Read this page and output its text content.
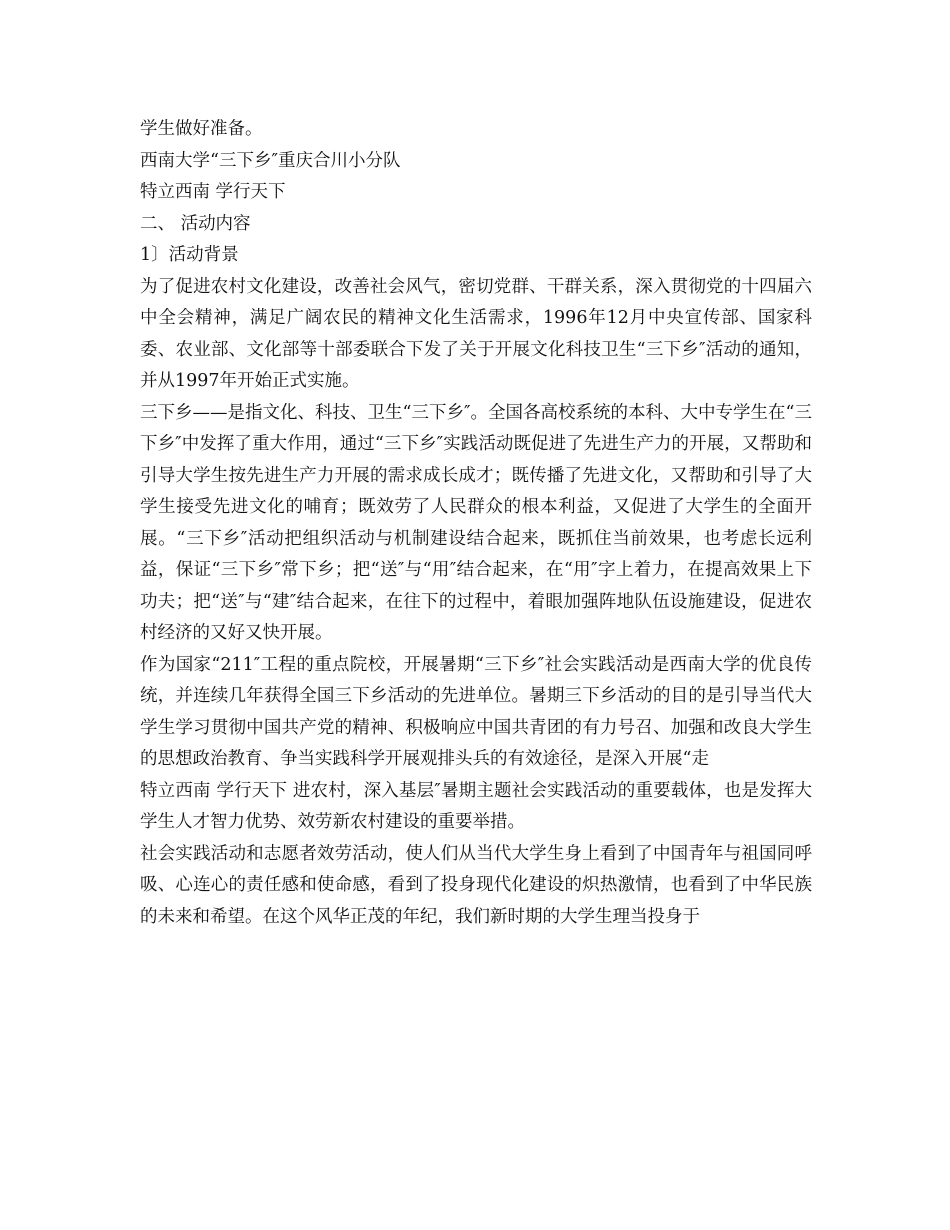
学生做好准备。

西南大学“三下乡″重庆合川小分队

特立西南 学行天下

二、 活动内容

1〕活动背景

为了促进农村文化建设，改善社会风气，密切党群、干群关系，深入贯彻党的十四届六中全会精神，满足广阔农民的精神文化生活需求，1996年12月中央宣传部、国家科委、农业部、文化部等十部委联合下发了关于开展文化科技卫生“三下乡″活动的通知，并从1997年开始正式实施。

三下乡——是指文化、科技、卫生“三下乡″。全国各高校系统的本科、大中专学生在“三下乡″中发挥了重大作用，通过“三下乡″实践活动既促进了先进生产力的开展，又帮助和引导大学生按先进生产力开展的需求成长成才；既传播了先进文化，又帮助和引导了大学生接受先进文化的哺育；既效劳了人民群众的根本利益，又促进了大学生的全面开展。“三下乡″活动把组织活动与机制建设结合起来，既抓住当前效果，也考虑长远利益，保证“三下乡″常下乡；把“送″与“用″结合起来，在“用″字上着力，在提高效果上下功夫；把“送″与“建″结合起来，在往下的过程中，着眼加强阵地队伍设施建设，促进农村经济的又好又快开展。

作为国家“211″工程的重点院校，开展暑期“三下乡″社会实践活动是西南大学的优良传统，并连续几年获得全国三下乡活动的先进单位。暑期三下乡活动的目的是引导当代大学生学习贯彻中国共产党的精神、积极响应中国共青团的有力号召、加强和改良大学生的思想政治教育、争当实践科学开展观排头兵的有效途径，是深入开展“走

特立西南 学行天下 进农村，深入基层″暑期主题社会实践活动的重要载体，也是发挥大学生人才智力优势、效劳新农村建设的重要举措。

社会实践活动和志愿者效劳活动，使人们从当代大学生身上看到了中国青年与祖国同呼吸、心连心的责任感和使命感，看到了投身现代化建设的炽热激情，也看到了中华民族的未来和希望。在这个风华正茂的年纪，我们新时期的大学生理当投身于
